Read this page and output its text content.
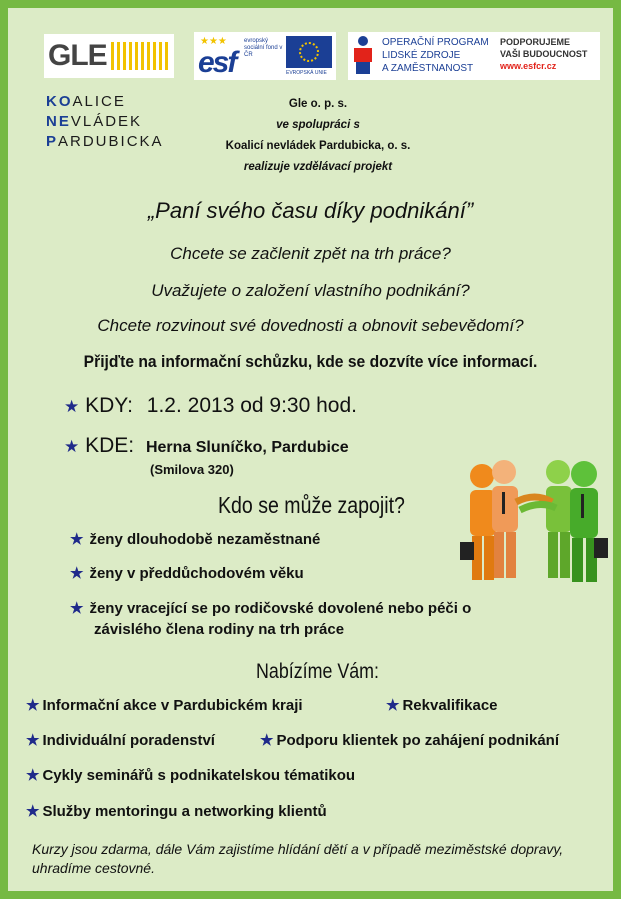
GLE	★★★
esf
evropský sociální fond v ČR
EVROPSKÁ UNIE
OPERAČNÍ PROGRAM
LIDSKÉ ZDROJE
A ZAMĚSTNANOST
PODPORUJEME
VAŠI BUDOUCNOST
www.esfcr.cz
KOALICE
NEVLÁDEK
PARDUBICKA
Gle o. p. s.
ve spolupráci s
Koalicí nevládek Pardubicka, o. s.
realizuje vzdělávací projekt
„Paní svého času díky podnikání”
Chcete se začlenit zpět na trh práce?
Uvažujete o založení vlastního podnikání?
Chcete rozvinout své dovednosti a obnovit sebevědomí?
Přijďte na informační schůzku, kde se dozvíte více informací.
★ KDY: 1.2. 2013 od 9:30 hod.
★ KDE: Herna Sluníčko, Pardubice
(Smilova 320)
Kdo se může zapojit?
★ ženy dlouhodobě nezaměstnané
★ ženy v předdůchodovém věku
★ ženy vracející se po rodičovské dovolené nebo péči o
závislého člena rodiny na trh práce
Nabízíme Vám:
★ Informační akce v Pardubickém kraji	★ Rekvalifikace
★ Individuální poradenství	★ Podporu klientek po zahájení podnikání
★ Cykly seminářů s podnikatelskou tématikou
★ Služby mentoringu a networking klientů
Kurzy jsou zdarma, dále Vám zajistíme hlídání dětí a v případě meziměstské dopravy, uhradíme cestovné.
